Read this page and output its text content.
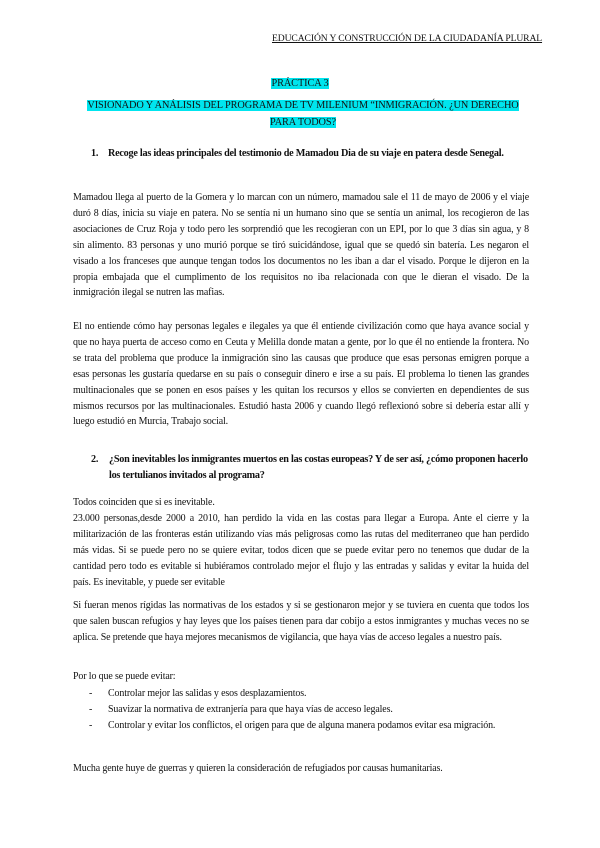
EDUCACIÓN Y CONSTRUCCIÓN DE LA CIUDADANÍA PLURAL
PRÁCTICA 3
VISIONADO Y ANÁLISIS DEL PROGRAMA DE TV MILENIUM “INMIGRACIÓN. ¿UN DERECHO PARA TODOS?
1. Recoge las ideas principales del testimonio de Mamadou Dia de su viaje en patera desde Senegal.
Mamadou llega al puerto de la Gomera y lo marcan con un número, mamadou sale el 11 de mayo de 2006 y el viaje duró 8 días, inicia su viaje en patera. No se sentía ni un humano sino que se sentía un animal, los recogieron de las asociaciones de Cruz Roja y todo pero les sorprendió que les recogieran con un EPI, por lo que 3 días sin agua, y 8 sin alimento. 83 personas y uno murió porque se tiró suicidándose, igual que se quedó sin batería. Les negaron el visado a los franceses que aunque tengan todos los documentos no les iban a dar el visado. Porque le dijeron en la propia embajada que el cumplimento de los requisitos no iba relacionada con que le dieran el visado. De la inmigración ilegal se nutren las mafias.
El no entiende cómo hay personas legales e ilegales ya que él entiende civilización como que haya avance social y que no haya puerta de acceso como en Ceuta y Melilla donde matan a gente, por lo que él no entiende la frontera. No se trata del problema que produce la inmigración sino las causas que produce que esas personas emigren porque a esas personas les gustaría quedarse en su país o conseguir dinero e irse a su país. El problema lo tienen las grandes multinacionales que se ponen en esos países y les quitan los recursos y ellos se convierten en dependientes de sus mismos recursos por las multinacionales. Estudió hasta 2006 y cuando llegó reflexionó sobre si debería estar allí y luego estudió en Murcia, Trabajo social.
2.	¿Son inevitables los inmigrantes muertos en las costas europeas? Y de ser así, ¿cómo proponen hacerlo los tertulianos invitados al programa?
Todos coinciden que si es inevitable.
23.000 personas,desde 2000 a 2010, han perdido la vida en las costas para llegar a Europa. Ante el cierre y la militarización de las fronteras están utilizando vías más peligrosas como las rutas del mediterraneo que han perdido más vidas. Si se puede pero no se quiere evitar, todos dicen que se puede evitar pero no tenemos que dudar de la cantidad pero todo es evitable si hubiéramos controlado mejor el flujo y las entradas y salidas y evitar la huida del país. Es inevitable, y puede ser evitable
Si fueran menos rígidas las normativas de los estados y si se gestionaron mejor y se tuviera en cuenta que todos los que salen buscan refugios y hay leyes que los países tienen para dar cobijo a estos inmigrantes y muchas veces no se aplica. Se pretende que haya mejores mecanismos de vigilancia, que haya vías de acceso legales a nuestro país.
Por lo que se puede evitar:
- Controlar mejor las salidas y esos desplazamientos.
- Suavizar la normativa de extranjería para que haya vías de acceso legales.
- Controlar y evitar los conflictos, el origen para que de alguna manera podamos evitar esa migración.
Mucha gente huye de guerras y quieren la consideración de refugiados por causas humanitarias.
